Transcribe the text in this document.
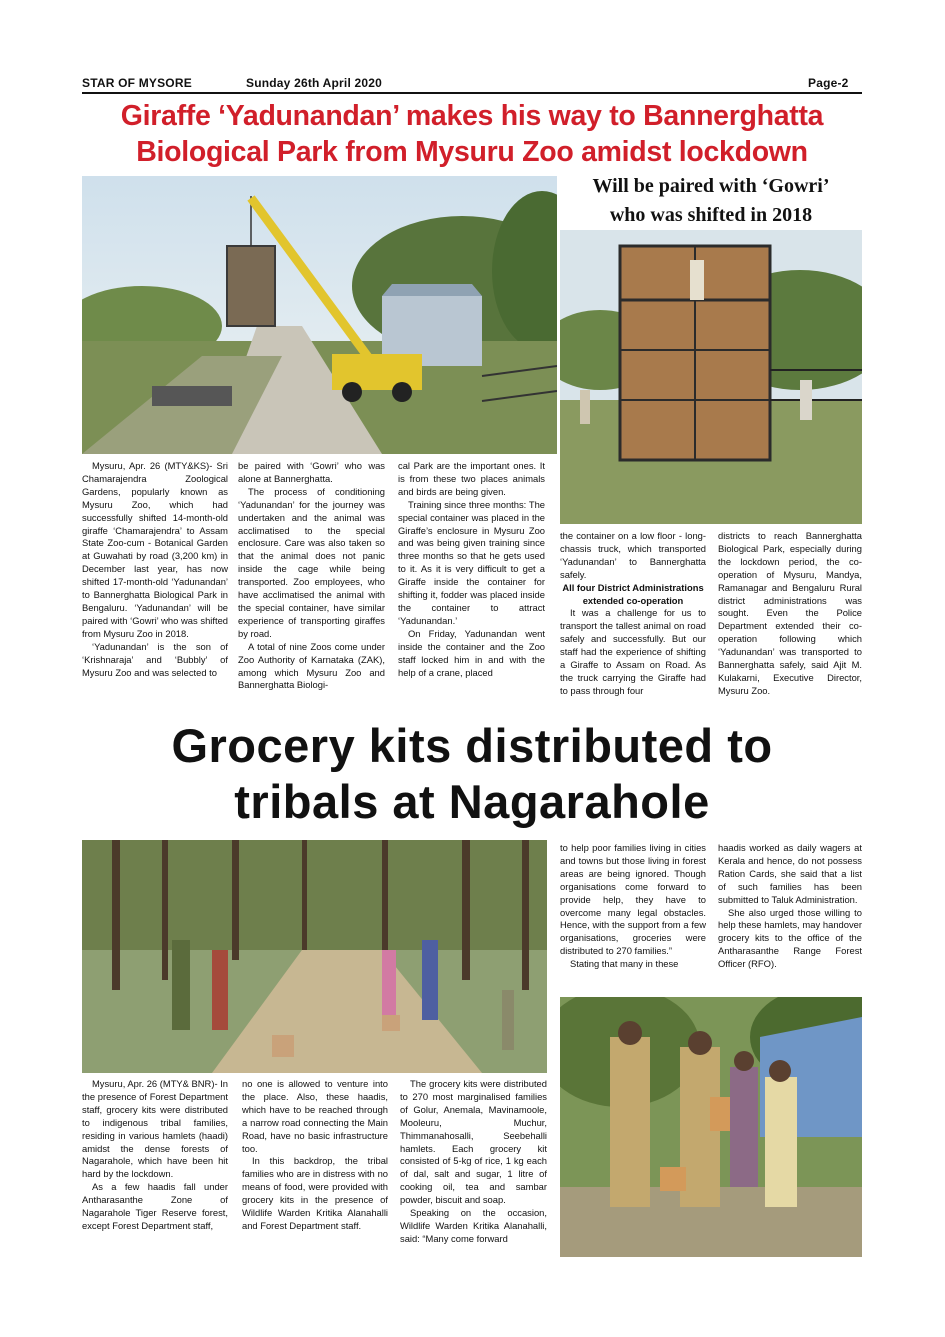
STAR OF MYSORE	Sunday 26th April 2020	Page-2
Giraffe ‘Yadunandan’ makes his way to Bannerghatta
Biological Park from Mysuru Zoo amidst lockdown
Will be paired with ‘Gowri’
who was shifted in 2018

Mysuru, Apr. 26 (MTY&KS)- Sri Chamarajendra Zoological Gardens, popularly known as Mysuru Zoo, which had successfully shifted 14-month-old giraffe ‘Chamarajendra’ to Assam State Zoo-cum - Botanical Garden at Guwahati by road (3,200 km) in December last year, has now shifted 17-month-old ‘Yadunandan’ to Bannerghatta Biological Park in Bengaluru. ‘Yadunandan’ will be paired with ‘Gowri’ who was shifted from Mysuru Zoo in 2018.

‘Yadunandan’ is the son of ‘Krishnaraja’ and ‘Bubbly’ of Mysuru Zoo and was selected to

be paired with ‘Gowri’ who was alone at Bannerghatta.

The process of conditioning ‘Yadunandan’ for the journey was undertaken and the animal was acclimatised to the special enclosure. Care was also taken so that the animal does not panic inside the cage while being transported. Zoo employees, who have acclimatised the animal with the special container, have similar experience of transporting giraffes by road.

A total of nine Zoos come under Zoo Authority of Karnataka (ZAK), among which Mysuru Zoo and Bannerghatta Biologi-

cal Park are the important ones. It is from these two places animals and birds are being given.

Training since three months: The special container was placed in the Giraffe’s enclosure in Mysuru Zoo and was being given training since three months so that he gets used to it. As it is very difficult to get a Giraffe inside the container for shifting it, fodder was placed inside the container to attract ‘Yadunandan.’

On Friday, Yadunandan went inside the container and the Zoo staff locked him in and with the help of a crane, placed

the container on a low floor - long-chassis truck, which transported ‘Yadunandan’ to Bannerghatta safely.

All four District Administrations
extended co-operation

It was a challenge for us to transport the tallest animal on road safely and successfully. But our staff had the experience of shifting a Giraffe to Assam on Road. As the truck carrying the Giraffe had to pass through four

districts to reach Bannerghatta Biological Park, especially during the lockdown period, the co-operation of Mysuru, Mandya, Ramanagar and Bengaluru Rural district administrations was sought. Even the Police Department extended their co-operation following which ‘Yadunandan’ was transported to Bannerghatta safely, said Ajit M. Kulakarni, Executive Director, Mysuru Zoo.

Grocery kits distributed to
tribals at Nagarahole

to help poor families living in cities and towns but those living in forest areas are being ignored. Though organisations come forward to provide help, they have to overcome many legal obstacles. Hence, with the support from a few organisations, groceries were distributed to 270 families.”

Stating that many in these

haadis worked as daily wagers at Kerala and hence, do not possess Ration Cards, she said that a list of such families has been submitted to Taluk Administration.

She also urged those willing to help these hamlets, may handover grocery kits to the office of the Antharasanthe Range Forest Officer (RFO).

Mysuru, Apr. 26 (MTY& BNR)- In the presence of Forest Department staff, grocery kits were distributed to indigenous tribal families, residing in various hamlets (haadi) amidst the dense forests of Nagarahole, which have been hit hard by the lockdown.

As a few haadis fall under Antharasanthe Zone of Nagarahole Tiger Reserve forest, except Forest Department staff,

no one is allowed to venture into the place. Also, these haadis, which have to be reached through a narrow road connecting the Main Road, have no basic infrastructure too.

In this backdrop, the tribal families who are in distress with no means of food, were provided with grocery kits in the presence of Wildlife Warden Kritika Alanahalli and Forest Department staff.

The grocery kits were distributed to 270 most marginalised families of Golur, Anemala, Mavinamoole, Mooleuru, Muchur, Thimmanahosalli, Seebehalli hamlets. Each grocery kit consisted of 5-kg of rice, 1 kg each of dal, salt and sugar, 1 litre of cooking oil, tea and sambar powder, biscuit and soap.

Speaking on the occasion, Wildlife Warden Kritika Alanahalli, said: “Many come forward
